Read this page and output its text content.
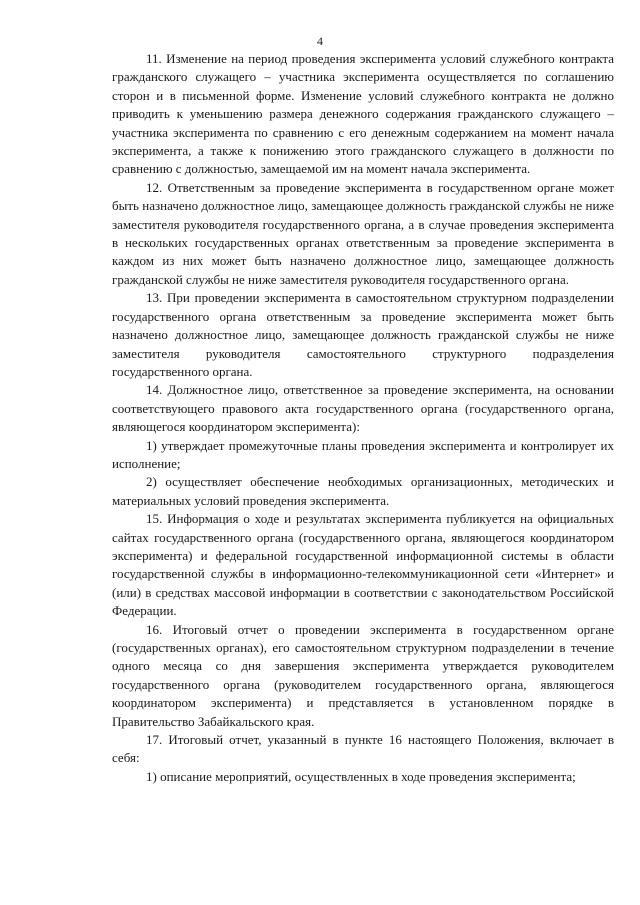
4

11. Изменение на период проведения эксперимента условий служебного контракта гражданского служащего – участника эксперимента осуществляется по соглашению сторон и в письменной форме. Изменение условий служебного контракта не должно приводить к уменьшению размера денежного содержания гражданского служащего – участника эксперимента по сравнению с его денежным содержанием на момент начала эксперимента, а также к понижению этого гражданского служащего в должности по сравнению с должностью, замещаемой им на момент начала эксперимента.

12. Ответственным за проведение эксперимента в государственном органе может быть назначено должностное лицо, замещающее должность гражданской службы не ниже заместителя руководителя государственного органа, а в случае проведения эксперимента в нескольких государственных органах ответственным за проведение эксперимента в каждом из них может быть назначено должностное лицо, замещающее должность гражданской службы не ниже заместителя руководителя государственного органа.

13. При проведении эксперимента в самостоятельном структурном подразделении государственного органа ответственным за проведение эксперимента может быть назначено должностное лицо, замещающее должность гражданской службы не ниже заместителя руководителя самостоятельного структурного подразделения государственного органа.

14. Должностное лицо, ответственное за проведение эксперимента, на основании соответствующего правового акта государственного органа (государственного органа, являющегося координатором эксперимента):

1) утверждает промежуточные планы проведения эксперимента и контролирует их исполнение;

2) осуществляет обеспечение необходимых организационных, методических и материальных условий проведения эксперимента.

15. Информация о ходе и результатах эксперимента публикуется на официальных сайтах государственного органа (государственного органа, являющегося координатором эксперимента) и федеральной государственной информационной системы в области государственной службы в информационно-телекоммуникационной сети «Интернет» и (или) в средствах массовой информации в соответствии с законодательством Российской Федерации.

16. Итоговый отчет о проведении эксперимента в государственном органе (государственных органах), его самостоятельном структурном подразделении в течение одного месяца со дня завершения эксперимента утверждается руководителем государственного органа (руководителем государственного органа, являющегося координатором эксперимента) и представляется в установленном порядке в Правительство Забайкальского края.

17. Итоговый отчет, указанный в пункте 16 настоящего Положения, включает в себя:

1) описание мероприятий, осуществленных в ходе проведения эксперимента;
